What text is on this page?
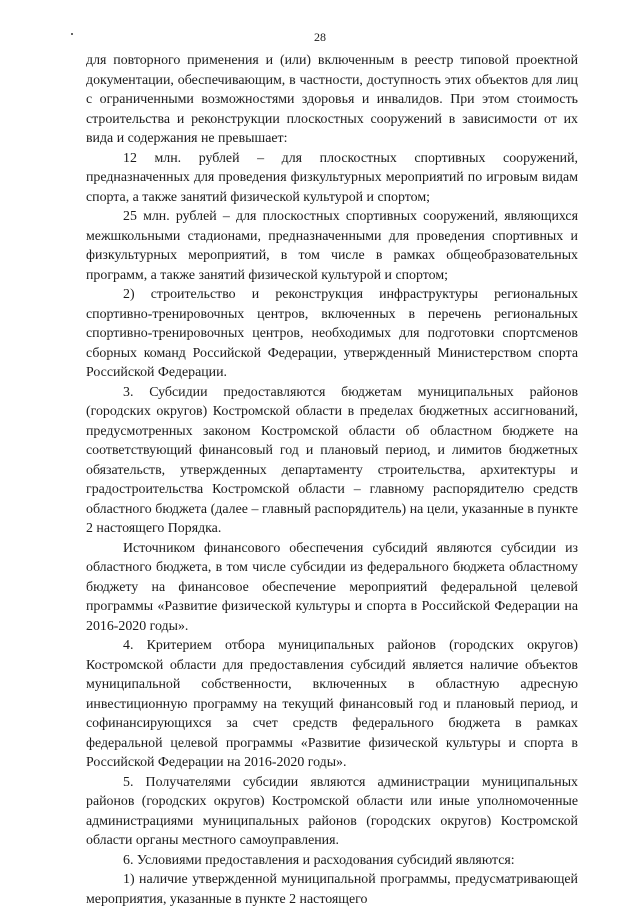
28

для повторного применения и (или) включенным в реестр типовой проектной документации, обеспечивающим, в частности, доступность этих объектов для лиц с ограниченными возможностями здоровья и инвалидов. При этом стоимость строительства и реконструкции плоскостных сооружений в зависимости от их вида и содержания не превышает:

12 млн. рублей – для плоскостных спортивных сооружений, предназначенных для проведения физкультурных мероприятий по игровым видам спорта, а также занятий физической культурой и спортом;

25 млн. рублей – для плоскостных спортивных сооружений, являющихся межшкольными стадионами, предназначенными для проведения спортивных и физкультурных мероприятий, в том числе в рамках общеобразовательных программ, а также занятий физической культурой и спортом;

2) строительство и реконструкция инфраструктуры региональных спортивно-тренировочных центров, включенных в перечень региональных спортивно-тренировочных центров, необходимых для подготовки спортсменов сборных команд Российской Федерации, утвержденный Министерством спорта Российской Федерации.

3. Субсидии предоставляются бюджетам муниципальных районов (городских округов) Костромской области в пределах бюджетных ассигнований, предусмотренных законом Костромской области об областном бюджете на соответствующий финансовый год и плановый период, и лимитов бюджетных обязательств, утвержденных департаменту строительства, архитектуры и градостроительства Костромской области – главному распорядителю средств областного бюджета (далее – главный распорядитель) на цели, указанные в пункте 2 настоящего Порядка.

Источником финансового обеспечения субсидий являются субсидии из областного бюджета, в том числе субсидии из федерального бюджета областному бюджету на финансовое обеспечение мероприятий федеральной целевой программы «Развитие физической культуры и спорта в Российской Федерации на 2016-2020 годы».

4. Критерием отбора муниципальных районов (городских округов) Костромской области для предоставления субсидий является наличие объектов муниципальной собственности, включенных в областную адресную инвестиционную программу на текущий финансовый год и плановый период, и софинансирующихся за счет средств федерального бюджета в рамках федеральной целевой программы «Развитие физической культуры и спорта в Российской Федерации на 2016-2020 годы».

5. Получателями субсидии являются администрации муниципальных районов (городских округов) Костромской области или иные уполномоченные администрациями муниципальных районов (городских округов) Костромской области органы местного самоуправления.

6. Условиями предоставления и расходования субсидий являются:

1) наличие утвержденной муниципальной программы, предусматривающей мероприятия, указанные в пункте 2 настоящего
